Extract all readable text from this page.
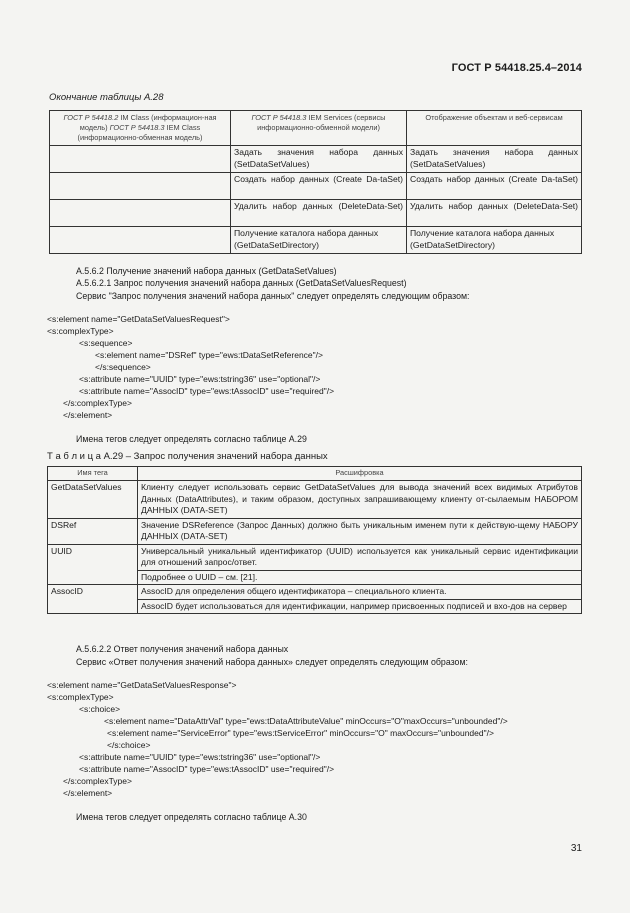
ГОСТ Р 54418.25.4–2014
Окончание таблицы А.28
ГОСТ Р 54418.2 IM Class (информацион-ная модель) ГОСТ Р 54418.3 IEM Class (информационно-обменная модель)	ГОСТ Р 54418.3 IEM Services (сервисы информационно-обменной модели)	Отображение объектам и веб-сервисам
	Задать значения набора данных (SetDataSetValues)	Задать значения набора данных (SetDataSetValues)
	Создать набор данных (Create Da-taSet)	Создать набор данных (Create Da-taSet)
	Удалить набор данных (DeleteData-Set)	Удалить набор данных (DeleteData-Set)
	Получение каталога набора данных (GetDataSetDirectory)	Получение каталога набора данных (GetDataSetDirectory)
А.5.6.2 Получение значений набора данных (GetDataSetValues)
А.5.6.2.1 Запрос получения значений набора данных (GetDataSetValuesRequest)
Сервис "Запрос получения значений набора данных" следует определять следующим образом:
<s:element name="GetDataSetValuesRequest">
<s:complexType>
<s:sequence>
<s:element name="DSRef" type="ews:tDataSetReference"/>
</s:sequence>
<s:attribute name="UUID" type="ews:tstring36" use="optional"/>
<s:attribute name="AssocID" type="ews:tAssocID" use="required"/>
</s:complexType>
</s:element>
Имена тегов следует определять согласно таблице А.29
Т а б л и ц а А.29 – Запрос получения значений набора данных
Имя тега	Расшифровка
GetDataSetValues	Клиенту следует использовать сервис GetDataSetValues для вывода значений всех видимых Атрибутов Данных (DataAttributes), и таким образом, доступных запрашивающему клиенту от-сылаемым НАБОРОМ ДАННЫХ (DATA-SET)
DSRef	Значение DSReference (Запрос Данных) должно быть уникальным именем пути к действую-щему НАБОРУ ДАННЫХ (DATA-SET)
UUID	Универсальный уникальный идентификатор (UUID) используется как уникальный сервис идентификации для отношений запрос/ответ.
	Подробнее о UUID – см. [21].
AssocID	AssocID для определения общего идентификатора – специального клиента.
	AssocID будет использоваться для идентификации, например присвоенных подписей и вхо-дов на сервер
А.5.6.2.2 Ответ получения значений набора данных
Сервис «Ответ получения значений набора данных» следует определять следующим образом:
<s:element name="GetDataSetValuesResponse">
<s:complexType>
<s:choice>
<s:element name="DataAttrVal" type="ews:tDataAttributeValue" minOccurs="O"maxOccurs="unbounded"/>
<s:element name="ServiceError" type="ews:tServiceError" minOccurs="O" maxOccurs="unbounded"/>
</s:choice>
<s:attribute name="UUID" type="ews:tstring36" use="optional"/>
<s:attribute name="AssocID" type="ews:tAssocID" use="required"/>
</s:complexType>
</s:element>
Имена тегов следует определять согласно таблице А.30
31
